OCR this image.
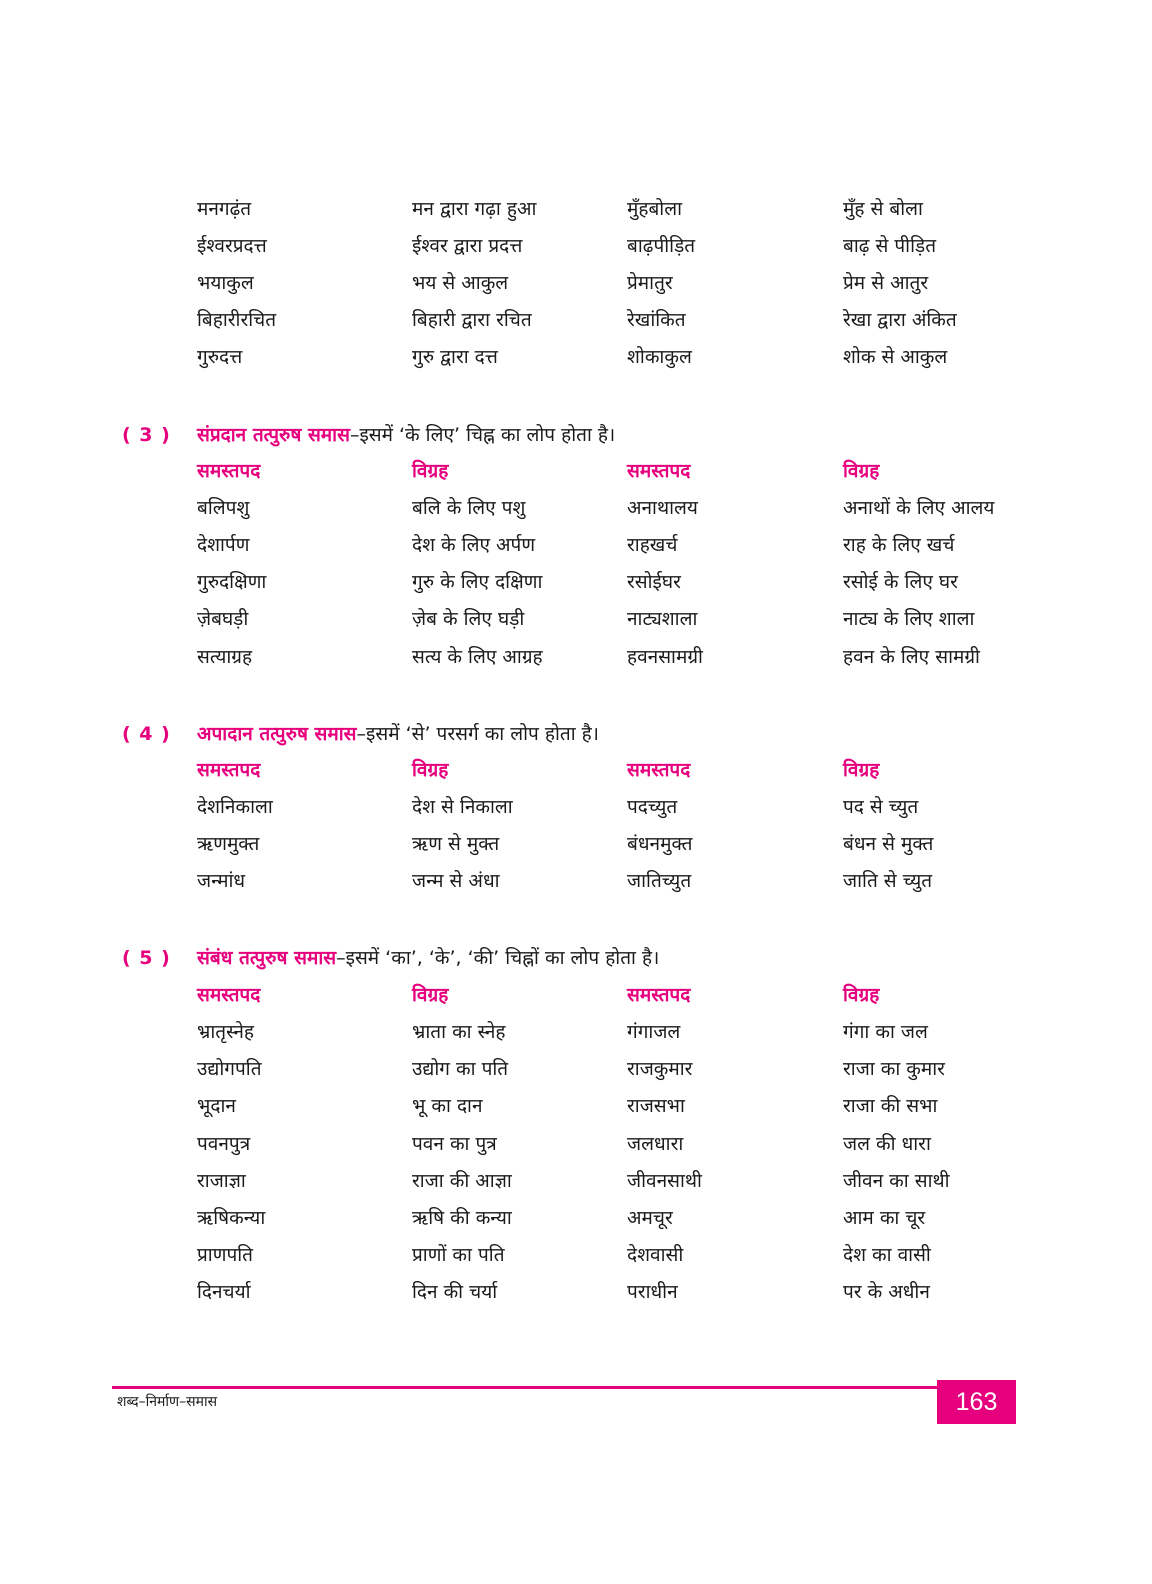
मनगढ़ंत	मन द्वारा गढ़ा हुआ	मुँहबोला	मुँह से बोला
ईश्वरप्रदत्त	ईश्वर द्वारा प्रदत्त	बाढ़पीड़ित	बाढ़ से पीड़ित
भयाकुल	भय से आकुल	प्रेमातुर	प्रेम से आतुर
बिहारीरचित	बिहारी द्वारा रचित	रेखांकित	रेखा द्वारा अंकित
गुरुदत्त	गुरु द्वारा दत्त	शोकाकुल	शोक से आकुल
( 3 ) संप्रदान तत्पुरुष समास–इसमें ‘के लिए’ चिह्न का लोप होता है।
समस्तपद	विग्रह	समस्तपद	विग्रह
बलिपशु	बलि के लिए पशु	अनाथालय	अनाथों के लिए आलय
देशार्पण	देश के लिए अर्पण	राहखर्च	राह के लिए खर्च
गुरुदक्षिणा	गुरु के लिए दक्षिणा	रसोईघर	रसोई के लिए घर
ज़ेबघड़ी	ज़ेब के लिए घड़ी	नाट्यशाला	नाट्य के लिए शाला
सत्याग्रह	सत्य के लिए आग्रह	हवनसामग्री	हवन के लिए सामग्री
( 4 ) अपादान तत्पुरुष समास–इसमें ‘से’ परसर्ग का लोप होता है।
समस्तपद	विग्रह	समस्तपद	विग्रह
देशनिकाला	देश से निकाला	पदच्युत	पद से च्युत
ऋणमुक्त	ऋण से मुक्त	बंधनमुक्त	बंधन से मुक्त
जन्मांध	जन्म से अंधा	जातिच्युत	जाति से च्युत
( 5 ) संबंध तत्पुरुष समास–इसमें ‘का’, ‘के’, ‘की’ चिह्नों का लोप होता है।
समस्तपद	विग्रह	समस्तपद	विग्रह
भ्रातृस्नेह	भ्राता का स्नेह	गंगाजल	गंगा का जल
उद्योगपति	उद्योग का पति	राजकुमार	राजा का कुमार
भूदान	भू का दान	राजसभा	राजा की सभा
पवनपुत्र	पवन का पुत्र	जलधारा	जल की धारा
राजाज्ञा	राजा की आज्ञा	जीवनसाथी	जीवन का साथी
ऋषिकन्या	ऋषि की कन्या	अमचूर	आम का चूर
प्राणपति	प्राणों का पति	देशवासी	देश का वासी
दिनचर्या	दिन की चर्या	पराधीन	पर के अधीन
शब्द–निर्माण–समास	163
